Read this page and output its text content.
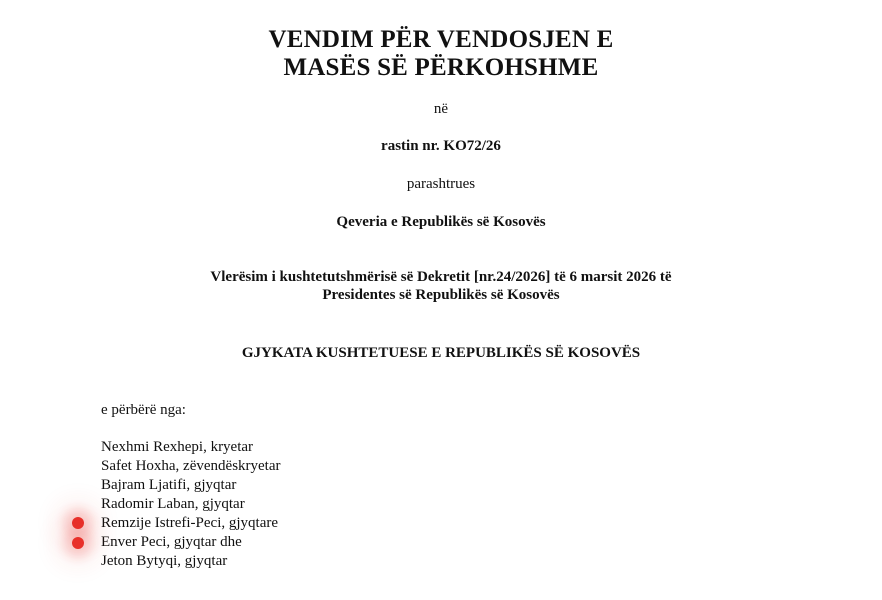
VENDIM PËR VENDOSJEN E
MASËS SË PËRKOHSHME
në
rastin nr. KO72/26
parashtrues
Qeveria e Republikës së Kosovës
Vlerësim i kushtetutshmërisë së Dekretit [nr.24/2026] të 6 marsit 2026 të
Presidentes së Republikës së Kosovës
GJYKATA KUSHTETUESE E REPUBLIKËS SË KOSOVËS
e përbërë nga:
Nexhmi Rexhepi, kryetar
Safet Hoxha, zëvendëskryetar
Bajram Ljatifi, gjyqtar
Radomir Laban, gjyqtar
Remzije Istrefi-Peci, gjyqtare
Enver Peci, gjyqtar dhe
Jeton Bytyqi, gjyqtar
